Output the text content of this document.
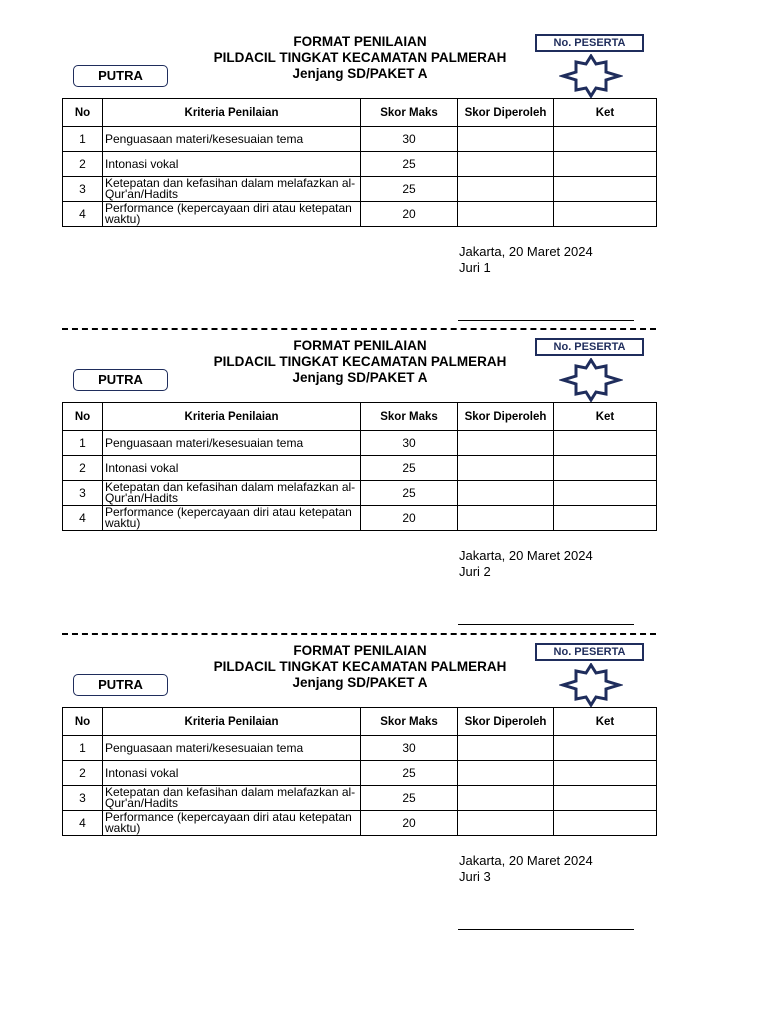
FORMAT PENILAIAN
PILDACIL TINGKAT KECAMATAN PALMERAH
Jenjang SD/PAKET A
PUTRA
No. PESERTA
No	Kriteria Penilaian	Skor Maks	Skor Diperoleh	Ket
1	Penguasaan materi/kesesuaian tema	30		
2	Intonasi vokal	25		
3	Ketepatan dan kefasihan dalam melafazkan al-Qur'an/Hadits	25		
4	Performance (kepercayaan diri atau ketepatan waktu)	20		
Jakarta, 20 Maret 2024
Juri 1
FORMAT PENILAIAN
PILDACIL TINGKAT KECAMATAN PALMERAH
Jenjang SD/PAKET A
PUTRA
No. PESERTA
No	Kriteria Penilaian	Skor Maks	Skor Diperoleh	Ket
1	Penguasaan materi/kesesuaian tema	30		
2	Intonasi vokal	25		
3	Ketepatan dan kefasihan dalam melafazkan al-Qur'an/Hadits	25		
4	Performance (kepercayaan diri atau ketepatan waktu)	20		
Jakarta, 20 Maret 2024
Juri 2
FORMAT PENILAIAN
PILDACIL TINGKAT KECAMATAN PALMERAH
Jenjang SD/PAKET A
PUTRA
No. PESERTA
No	Kriteria Penilaian	Skor Maks	Skor Diperoleh	Ket
1	Penguasaan materi/kesesuaian tema	30		
2	Intonasi vokal	25		
3	Ketepatan dan kefasihan dalam melafazkan al-Qur'an/Hadits	25		
4	Performance (kepercayaan diri atau ketepatan waktu)	20		
Jakarta, 20 Maret 2024
Juri 3
